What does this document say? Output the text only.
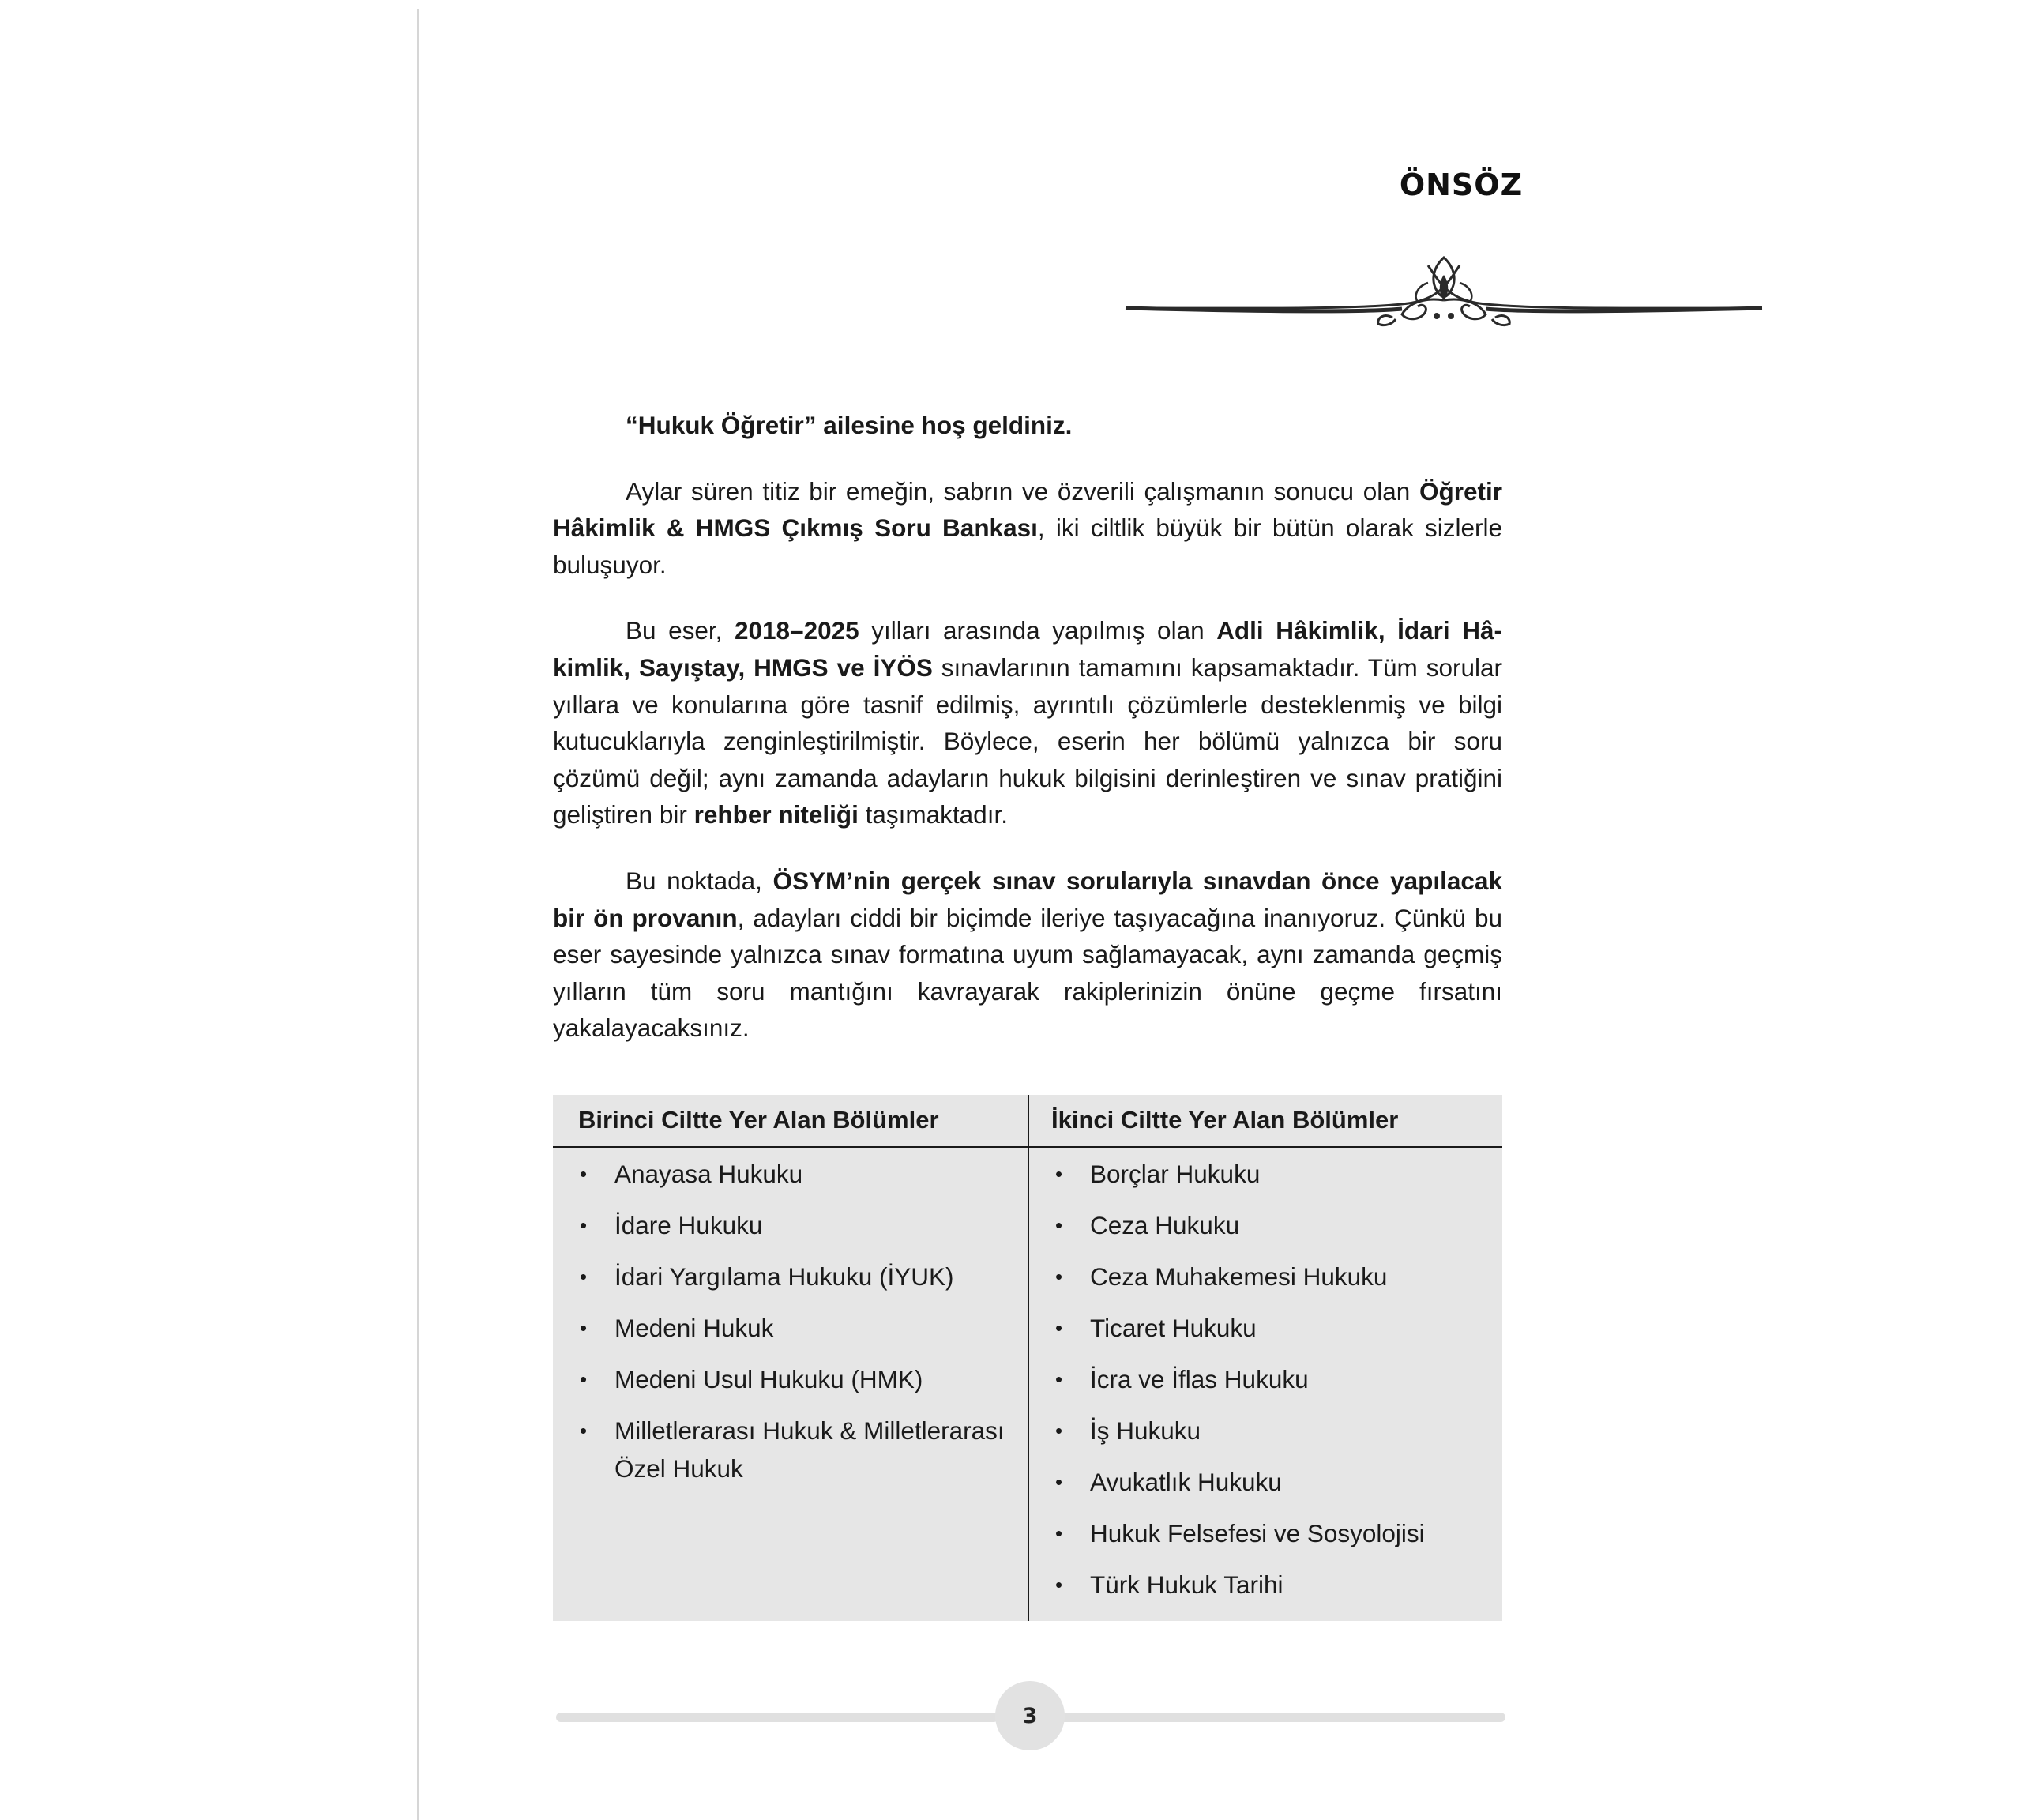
ÖNSÖZ

“Hukuk Öğretir” ailesine hoş geldiniz.

Aylar süren titiz bir emeğin, sabrın ve özverili çalışmanın sonucu olan Öğretir Hâkimlik & HMGS Çıkmış Soru Bankası, iki ciltlik büyük bir bütün olarak sizlerle buluşuyor.

Bu eser, 2018–2025 yılları arasında yapılmış olan Adli Hâkimlik, İdari Hâkimlik, Sayıştay, HMGS ve İYÖS sınavlarının tamamını kapsamaktadır. Tüm sorular yıllara ve konularına göre tasnif edilmiş, ayrıntılı çözümlerle desteklenmiş ve bilgi kutucuklarıyla zenginleştirilmiştir. Böylece, eserin her bölümü yalnızca bir soru çözümü değil; aynı zamanda adayların hukuk bilgisini derinleştiren ve sınav pratiğini geliştiren bir rehber niteliği taşımaktadır.

Bu noktada, ÖSYM’nin gerçek sınav sorularıyla sınavdan önce yapılacak bir ön provanın, adayları ciddi bir biçimde ileriye taşıyacağına inanıyoruz. Çünkü bu eser sayesinde yalnızca sınav formatına uyum sağlamayacak, aynı zamanda geçmiş yılların tüm soru mantığını kavrayarak rakiplerinizin önüne geçme fırsatını yakalayacaksınız.

Birinci Ciltte Yer Alan Bölümler
• Anayasa Hukuku
• İdare Hukuku
• İdari Yargılama Hukuku (İYUK)
• Medeni Hukuk
• Medeni Usul Hukuku (HMK)
• Milletlerarası Hukuk & Milletlerarası Özel Hukuk
İkinci Ciltte Yer Alan Bölümler
• Borçlar Hukuku
• Ceza Hukuku
• Ceza Muhakemesi Hukuku
• Ticaret Hukuku
• İcra ve İflas Hukuku
• İş Hukuku
• Avukatlık Hukuku
• Hukuk Felsefesi ve Sosyolojisi
• Türk Hukuk Tarihi
3
